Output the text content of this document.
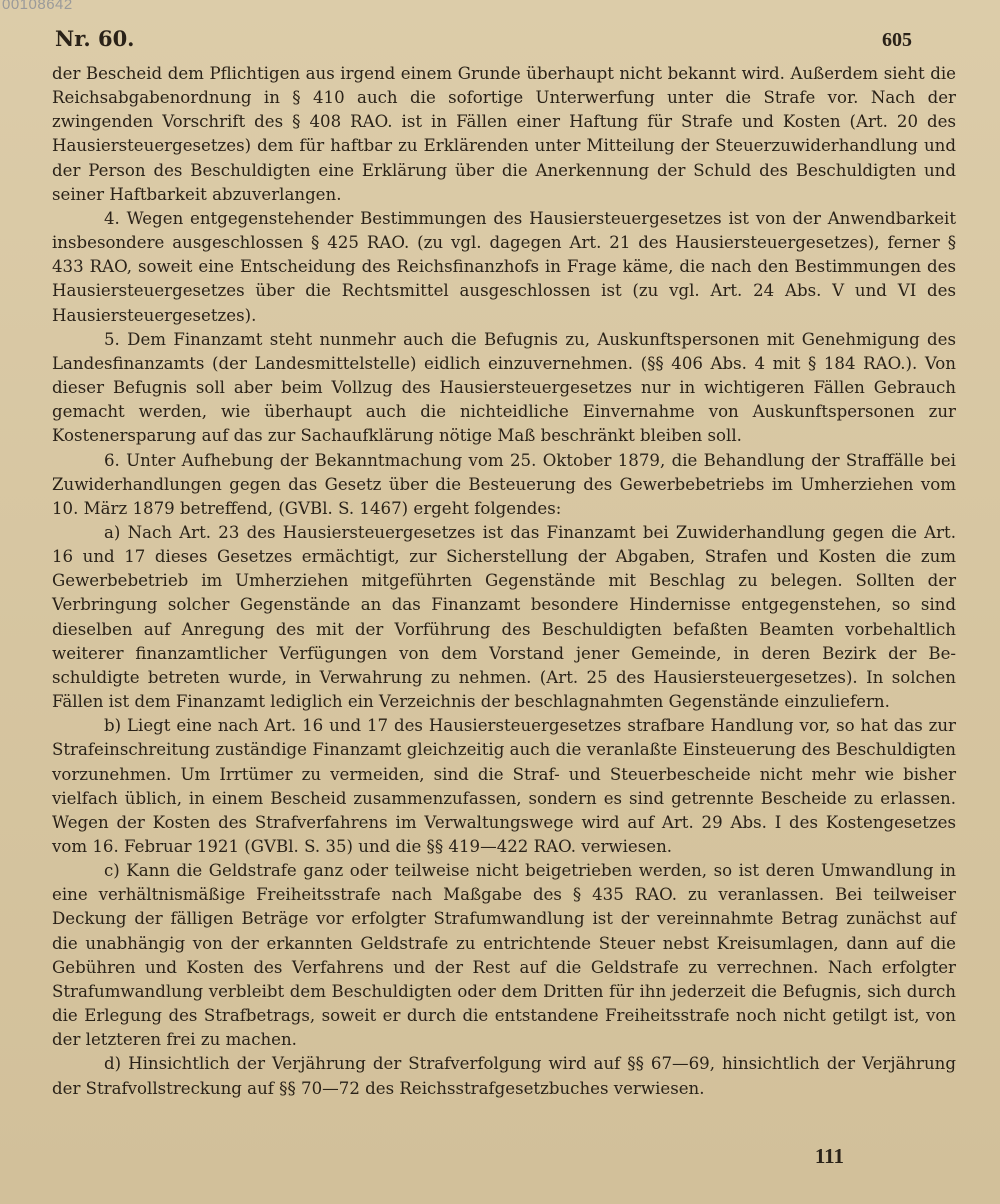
00108642
Nr. 60.	605

der Bescheid dem Pflichtigen aus irgend einem Grunde überhaupt nicht bekannt wird. Außerdem sieht die Reichsabgabenordnung in § 410 auch die sofortige Unterwerfung unter die Strafe vor. Nach der zwingenden Vorschrift des § 408 RAO. ist in Fällen einer Haftung für Strafe und Kosten (Art. 20 des Hausiersteuergesetzes) dem für haftbar zu Erklärenden unter Mitteilung der Steuerzuwiderhandlung und der Person des Beschuldigten eine Erklärung über die Anerkennung der Schuld des Beschuldigten und seiner Haftbarkeit abzuverlangen.

4. Wegen entgegenstehender Bestimmungen des Hausiersteuergesetzes ist von der Anwendbarkeit insbesondere ausgeschlossen § 425 RAO. (zu vgl. dagegen Art. 21 des Hausiersteuergesetzes), ferner § 433 RAO, soweit eine Entscheidung des Reichsfinanzhofs in Frage käme, die nach den Bestimmungen des Hausiersteuergesetzes über die Rechtsmittel ausgeschlossen ist (zu vgl. Art. 24 Abs. V und VI des Hausiersteuergesetzes).

5. Dem Finanzamt steht nunmehr auch die Befugnis zu, Auskunftspersonen mit Genehmigung des Landesfinanzamts (der Landesmittelstelle) eidlich einzuvernehmen. (§§ 406 Abs. 4 mit § 184 RAO.). Von dieser Befugnis soll aber beim Vollzug des Hausiersteuergesetzes nur in wichtigeren Fällen Gebrauch gemacht werden, wie überhaupt auch die nichteidliche Einvernahme von Auskunftspersonen zur Kostenersparung auf das zur Sachaufklärung nötige Maß beschränkt bleiben soll.

6. Unter Aufhebung der Bekanntmachung vom 25. Oktober 1879, die Behandlung der Straffälle bei Zuwiderhandlungen gegen das Gesetz über die Besteuerung des Gewerbebetriebs im Umherziehen vom 10. März 1879 betreffend, (GVBl. S. 1467) ergeht folgendes:

a) Nach Art. 23 des Hausiersteuergesetzes ist das Finanzamt bei Zuwiderhandlung gegen die Art. 16 und 17 dieses Gesetzes ermächtigt, zur Sicherstellung der Abgaben, Strafen und Kosten die zum Gewerbebetrieb im Umherziehen mitgeführten Gegenstände mit Beschlag zu belegen. Sollten der Verbringung solcher Gegenstände an das Finanzamt besondere Hindernisse entgegenstehen, so sind dieselben auf Anregung des mit der Vorführung des Beschuldigten befaßten Beamten vorbehaltlich weiterer finanzamtlicher Verfügungen von dem Vorstand jener Gemeinde, in deren Bezirk der Beschuldigte betreten wurde, in Verwahrung zu nehmen. (Art. 25 des Hausiersteuergesetzes). In solchen Fällen ist dem Finanzamt lediglich ein Verzeichnis der beschlagnahmten Gegenstände einzuliefern.

b) Liegt eine nach Art. 16 und 17 des Hausiersteuergesetzes strafbare Handlung vor, so hat das zur Strafeinschreitung zuständige Finanzamt gleichzeitig auch die veranlaßte Einsteuerung des Beschuldigten vorzunehmen. Um Irrtümer zu vermeiden, sind die Straf- und Steuerbescheide nicht mehr wie bisher vielfach üblich, in einem Bescheid zusammenzufassen, sondern es sind getrennte Bescheide zu erlassen. Wegen der Kosten des Strafverfahrens im Verwaltungswege wird auf Art. 29 Abs. I des Kostengesetzes vom 16. Februar 1921 (GVBl. S. 35) und die §§ 419—422 RAO. verwiesen.

c) Kann die Geldstrafe ganz oder teilweise nicht beigetrieben werden, so ist deren Umwandlung in eine verhältnismäßige Freiheitsstrafe nach Maßgabe des § 435 RAO. zu veranlassen. Bei teilweiser Deckung der fälligen Beträge vor erfolgter Strafumwandlung ist der vereinnahmte Betrag zunächst auf die unabhängig von der erkannten Geldstrafe zu entrichtende Steuer nebst Kreisumlagen, dann auf die Gebühren und Kosten des Verfahrens und der Rest auf die Geldstrafe zu verrechnen. Nach erfolgter Strafumwandlung verbleibt dem Beschuldigten oder dem Dritten für ihn jederzeit die Befugnis, sich durch die Erlegung des Strafbetrags, soweit er durch die entstandene Freiheitsstrafe noch nicht getilgt ist, von der letzteren frei zu machen.

d) Hinsichtlich der Verjährung der Strafverfolgung wird auf §§ 67—69, hinsichtlich der Verjährung der Strafvollstreckung auf §§ 70—72 des Reichsstrafgesetzbuches verwiesen.

111
